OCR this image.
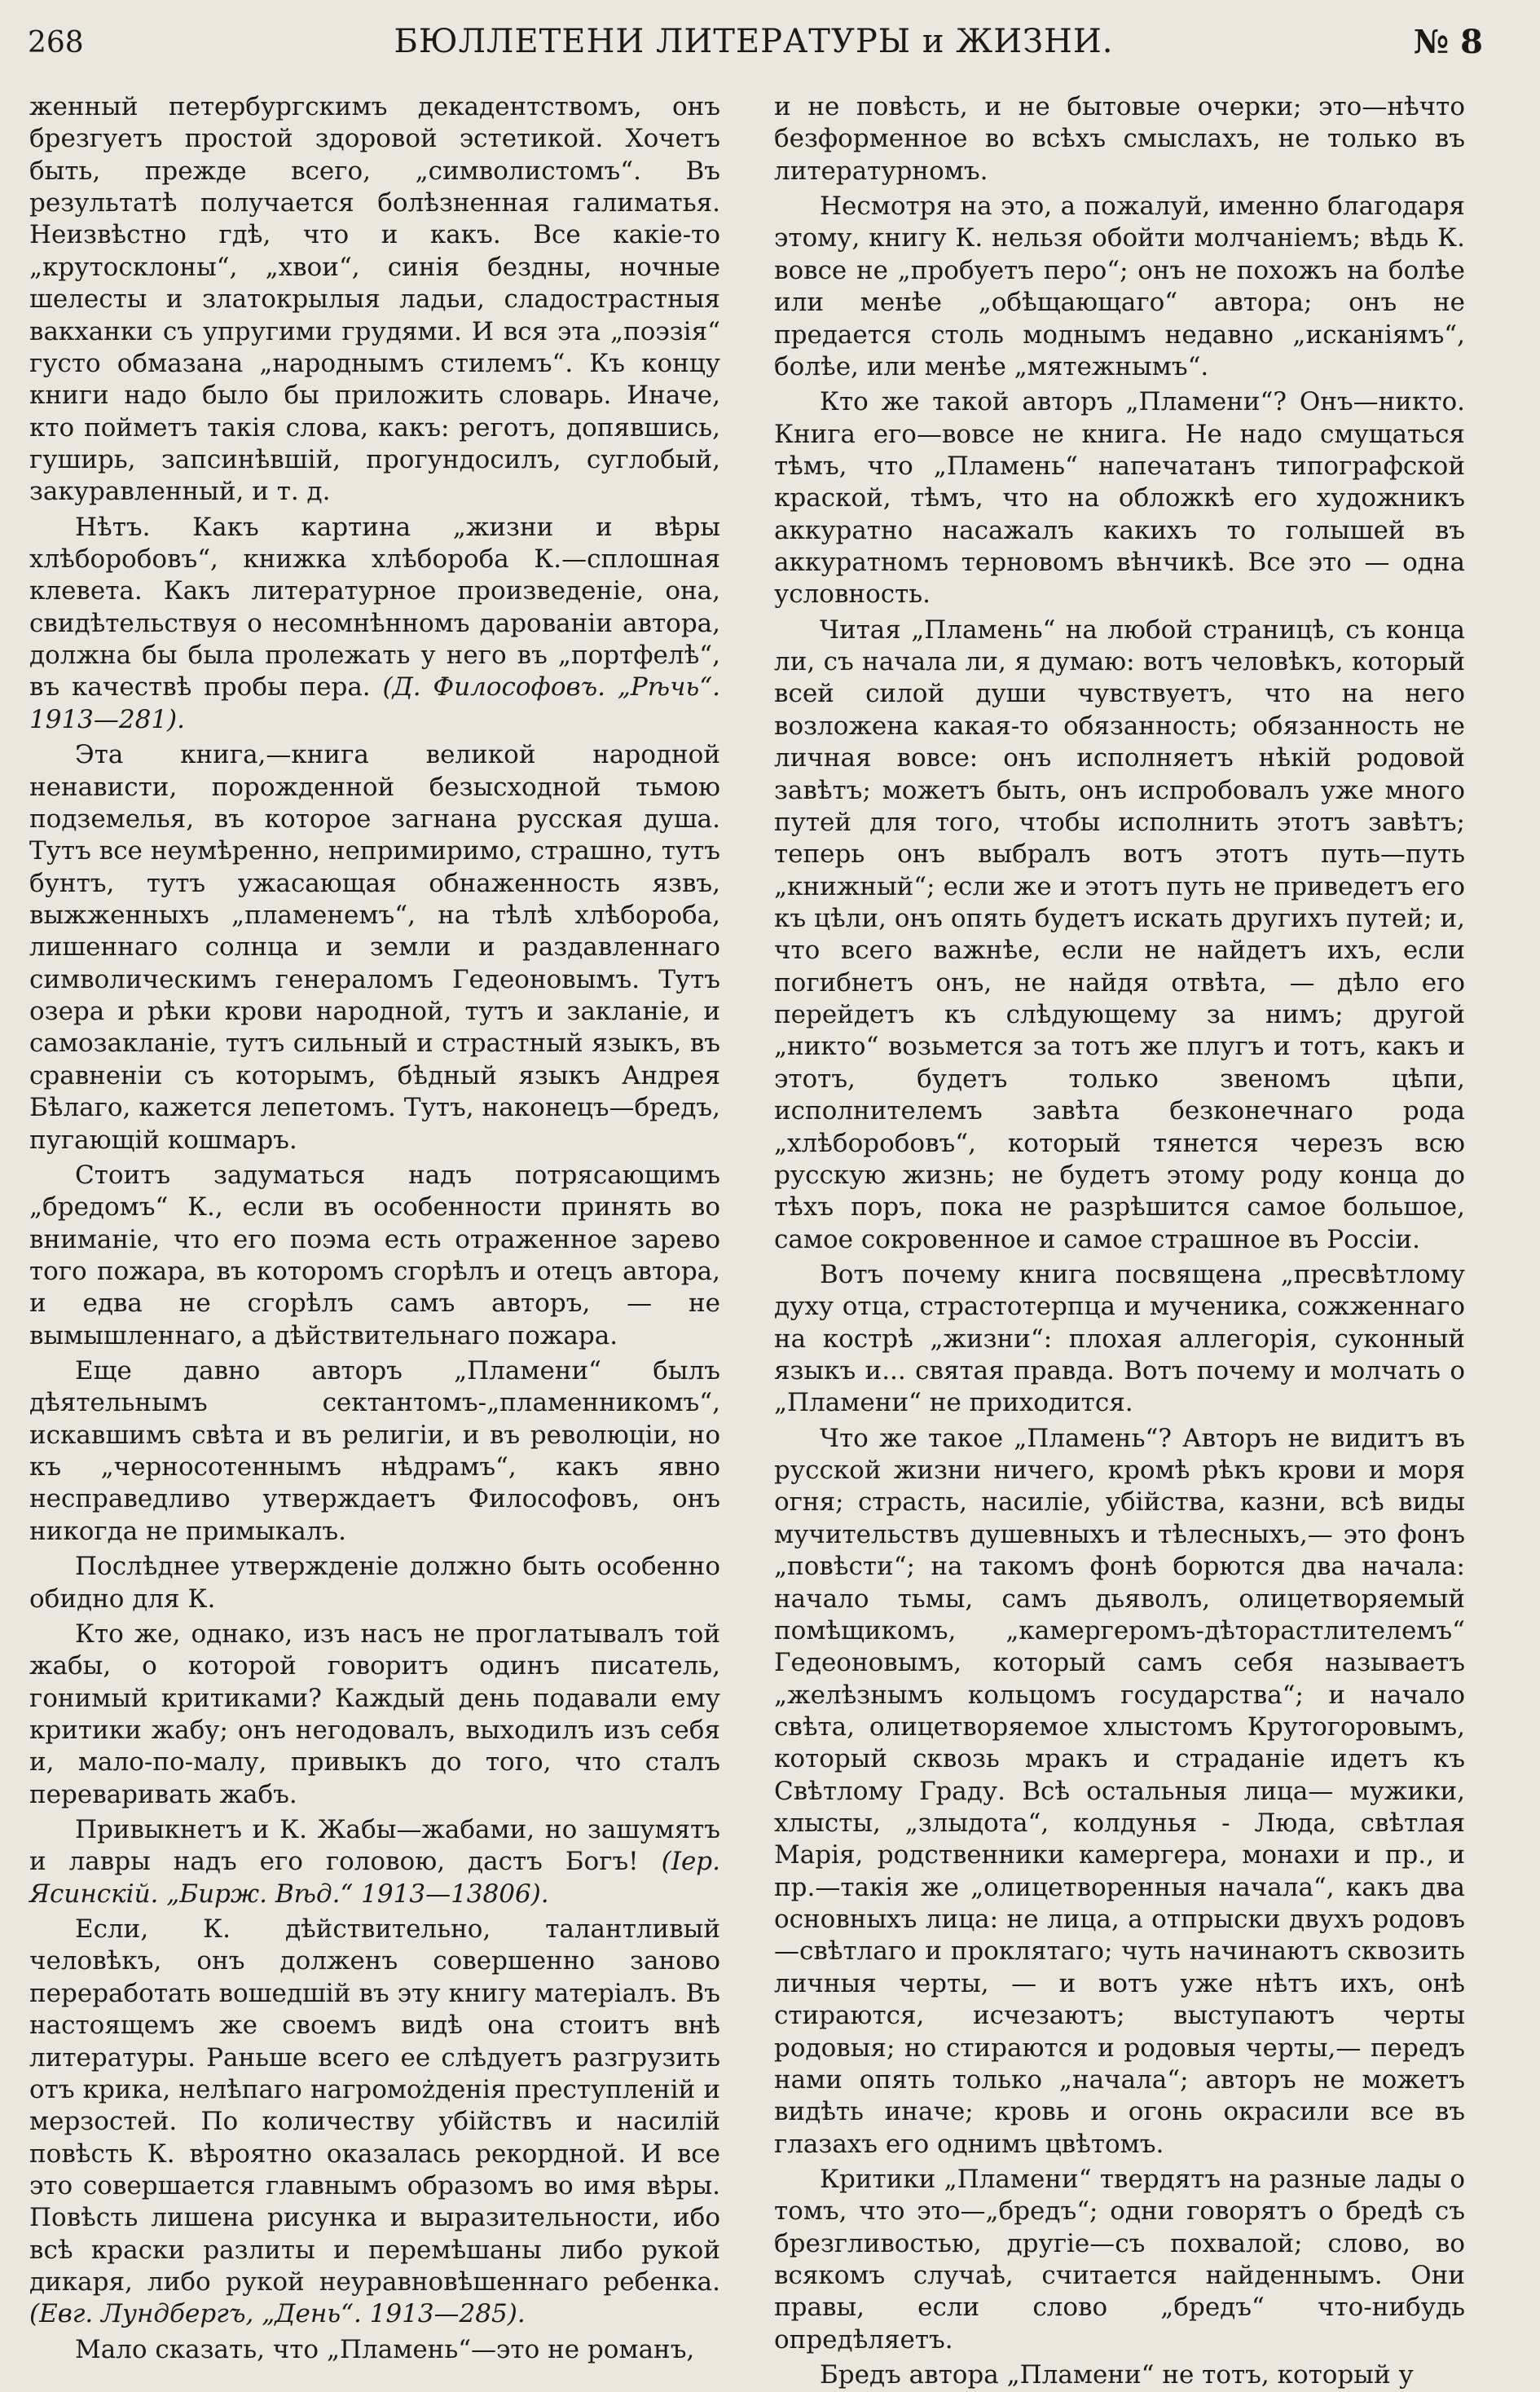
268	БЮЛЛЕТЕНИ ЛИТЕРАТУРЫ и ЖИЗНИ.	№ 8

женный петербургскимъ декадентствомъ, онъ брезгуетъ простой здоровой эстетикой. Хочетъ быть, прежде всего, „символистомъ“. Въ результатѣ получается болѣзненная галиматья. Неизвѣстно гдѣ, что и какъ. Все какіе-то „крутосклоны“, „хвои“, синія бездны, ночные шелесты и златокрылыя ладьи, сладострастныя вакханки съ упругими грудями. И вся эта „поэзія“ густо обмазана „народнымъ стилемъ“. Къ концу книги надо было бы приложить словарь. Иначе, кто пойметъ такія слова, какъ: реготъ, допявшись, гуширь, запсинѣвшій, прогундосилъ, суглобый, закуравленный, и т. д.

Нѣтъ. Какъ картина „жизни и вѣры хлѣборобовъ“, книжка хлѣбороба К.—сплошная клевета. Какъ литературное произведеніе, она, свидѣтельствуя о несомнѣнномъ дарованіи автора, должна бы была пролежать у него въ „портфелѣ“, въ качествѣ пробы пера. (Д. Философовъ. „Рѣчь“. 1913—281).

Эта книга,—книга великой народной ненависти, порожденной безысходной тьмою подземелья, въ которое загнана русская душа. Тутъ все неумѣренно, непримиримо, страшно, тутъ бунтъ, тутъ ужасающая обнаженность язвъ, выжженныхъ „пламенемъ“, на тѣлѣ хлѣбороба, лишеннаго солнца и земли и раздавленнаго символическимъ генераломъ Гедеоновымъ. Тутъ озера и рѣки крови народной, тутъ и закланіе, и самозакланіе, тутъ сильный и страстный языкъ, въ сравненіи съ которымъ, бѣдный языкъ Андрея Бѣлаго, кажется лепетомъ. Тутъ, наконецъ—бредъ, пугающій кошмаръ.

Стоитъ задуматься надъ потрясающимъ „бредомъ“ К., если въ особенности принять во вниманіе, что его поэма есть отраженное зарево того пожара, въ которомъ сгорѣлъ и отецъ автора, и едва не сгорѣлъ самъ авторъ, — не вымышленнаго, а дѣйствительнаго пожара.

Еще давно авторъ „Пламени“ былъ дѣятельнымъ сектантомъ-„пламенникомъ“, искавшимъ свѣта и въ религіи, и въ революціи, но къ „черносотеннымъ нѣдрамъ“, какъ явно несправедливо утверждаетъ Философовъ, онъ никогда не примыкалъ.

Послѣднее утвержденіе должно быть особенно обидно для К.

Кто же, однако, изъ насъ не проглатывалъ той жабы, о которой говоритъ одинъ писатель, гонимый критиками? Каждый день подавали ему критики жабу; онъ негодовалъ, выходилъ изъ себя и, мало-по-малу, привыкъ до того, что сталъ переваривать жабъ.

Привыкнетъ и К. Жабы—жабами, но зашумятъ и лавры надъ его головою, дастъ Богъ! (Іер. Ясинскій. „Бирж. Вѣд.“ 1913—13806).

Если, К. дѣйствительно, талантливый человѣкъ, онъ долженъ совершенно заново переработать вошедшій въ эту книгу матеріалъ. Въ настоящемъ же своемъ видѣ она стоитъ внѣ литературы. Раньше всего ее слѣдуетъ разгрузить отъ крика, нелѣпаго нагромożденія преступленій и мерзостей. По количеству убійствъ и насилій повѣсть К. вѣроятно оказалась рекордной. И все это совершается главнымъ образомъ во имя вѣры. Повѣсть лишена рисунка и выразительности, ибо всѣ краски разлиты и перемѣшаны либо рукой дикаря, либо рукой неуравновѣшеннаго ребенка. (Евг. Лундбергъ, „День“. 1913—285).

Мало сказать, что „Пламень“—это не романъ,

и не повѣсть, и не бытовые очерки; это—нѣчто безформенное во всѣхъ смыслахъ, не только въ литературномъ.

Несмотря на это, а пожалуй, именно благодаря этому, книгу К. нельзя обойти молчаніемъ; вѣдь К. вовсе не „пробуетъ перо“; онъ не похожъ на болѣе или менѣе „обѣщающаго“ автора; онъ не предается столь моднымъ недавно „исканіямъ“, болѣе, или менѣе „мятежнымъ“.

Кто же такой авторъ „Пламени“? Онъ—никто. Книга его—вовсе не книга. Не надо смущаться тѣмъ, что „Пламень“ напечатанъ типографской краской, тѣмъ, что на обложкѣ его художникъ аккуратно насажалъ какихъ то голышей въ аккуратномъ терновомъ вѣнчикѣ. Все это — одна условность.

Читая „Пламень“ на любой страницѣ, съ конца ли, съ начала ли, я думаю: вотъ человѣкъ, который всей силой души чувствуетъ, что на него возложена какая-то обязанность; обязанность не личная вовсе: онъ исполняетъ нѣкій родовой завѣтъ; можетъ быть, онъ испробовалъ уже много путей для того, чтобы исполнить этотъ завѣтъ; теперь онъ выбралъ вотъ этотъ путь—путь „книжный“; если же и этотъ путь не приведетъ его къ цѣли, онъ опять будетъ искать другихъ путей; и, что всего важнѣе, если не найдетъ ихъ, если погибнетъ онъ, не найдя отвѣта, — дѣло его перейдетъ къ слѣдующему за нимъ; другой „никто“ возьмется за тотъ же плугъ и тотъ, какъ и этотъ, будетъ только звеномъ цѣпи, исполнителемъ завѣта безконечнаго рода „хлѣборобовъ“, который тянется черезъ всю русскую жизнь; не будетъ этому роду конца до тѣхъ поръ, пока не разрѣшится самое большое, самое сокровенное и самое страшное въ Россіи.

Вотъ почему книга посвящена „пресвѣтлому духу отца, страстотерпца и мученика, сожженнаго на кострѣ „жизни“: плохая аллегорія, суконный языкъ и... святая правда. Вотъ почему и молчать о „Пламени“ не приходится.

Что же такое „Пламень“? Авторъ не видитъ въ русской жизни ничего, кромѣ рѣкъ крови и моря огня; страсть, насиліе, убійства, казни, всѣ виды мучительствъ душевныхъ и тѣлесныхъ,— это фонъ „повѣсти“; на такомъ фонѣ борются два начала: начало тьмы, самъ дьяволъ, олицетворяемый помѣщикомъ, „камергеромъ-дѣторастлителемъ“ Гедеоновымъ, который самъ себя называетъ „желѣзнымъ кольцомъ государства“; и начало свѣта, олицетворяемое хлыстомъ Крутогоровымъ, который сквозь мракъ и страданіе идетъ къ Свѣтлому Граду. Всѣ остальныя лица— мужики, хлысты, „злыдота“, колдунья - Люда, свѣтлая Марія, родственники камергера, монахи и пр., и пр.—такія же „олицетворенныя начала“, какъ два основныхъ лица: не лица, а отпрыски двухъ родовъ—свѣтлаго и проклятаго; чуть начинаютъ сквозить личныя черты, — и вотъ уже нѣтъ ихъ, онѣ стираются, исчезаютъ; выступаютъ черты родовыя; но стираются и родовыя черты,— передъ нами опять только „начала“; авторъ не можетъ видѣть иначе; кровь и огонь окрасили все въ глазахъ его однимъ цвѣтомъ.

Критики „Пламени“ твердятъ на разные лады о томъ, что это—„бредъ“; одни говорятъ о бредѣ съ брезгливостью, другіе—съ похвалой; слово, во всякомъ случаѣ, считается найденнымъ. Они правы, если слово „бредъ“ что-нибудь опредѣляетъ.

Бредъ автора „Пламени“ не тотъ, который у
